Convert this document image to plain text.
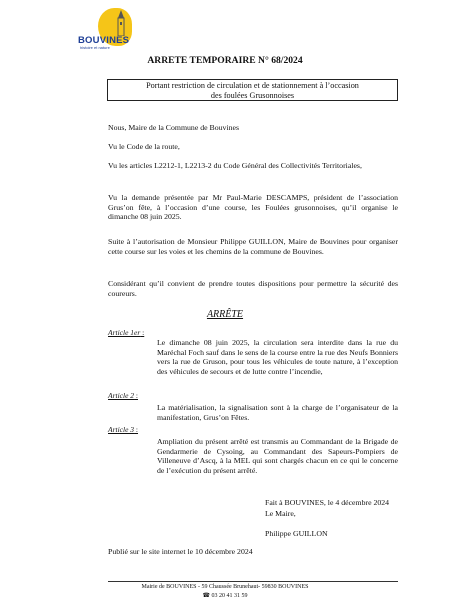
BOUVINES
histoire et nature
ARRETE TEMPORAIRE N° 68/2024
Portant restriction de circulation et de stationnement à l’occasion
des foulées Grusonnoises
Nous, Maire de la Commune de Bouvines
Vu le Code de la route,
Vu les articles L2212-1, L2213-2 du Code Général des Collectivités Territoriales,
Vu la demande présentée par Mr Paul-Marie DESCAMPS, président de l’association Grus’on fête, à l’occasion d’une course, les Foulées grusonnoises, qu’il organise le dimanche 08 juin 2025.
Suite à l’autorisation de Monsieur Philippe GUILLON, Maire de Bouvines pour organiser cette course sur les voies et les chemins de la commune de Bouvines.
Considérant qu’il convient de prendre toutes dispositions pour permettre la sécurité des coureurs.
ARRÊTE
Article 1er :
Le dimanche 08 juin 2025, la circulation sera interdite dans la rue du Maréchal Foch sauf dans le sens de la course entre la rue des Neufs Bonniers vers la rue de Gruson, pour tous les véhicules de toute nature, à l’exception des véhicules de secours et de lutte contre l’incendie,
Article 2 :
La matérialisation, la signalisation sont à la charge de l’organisateur de la manifestation, Grus’on Fêtes.
Article 3 :
Ampliation du présent arrêté est transmis au Commandant de la Brigade de Gendarmerie de Cysoing, au Commandant des Sapeurs-Pompiers de Villeneuve d’Ascq, à la MEL qui sont chargés chacun en ce qui le concerne de l’exécution du présent arrêté.
Fait à BOUVINES, le 4 décembre 2024
Le Maire,
Philippe GUILLON
Publié sur le site internet le 10 décembre 2024
Mairie de BOUVINES - 59 Chaussée Brunehaut- 59830 BOUVINES
☎ 03 20 41 31 59
